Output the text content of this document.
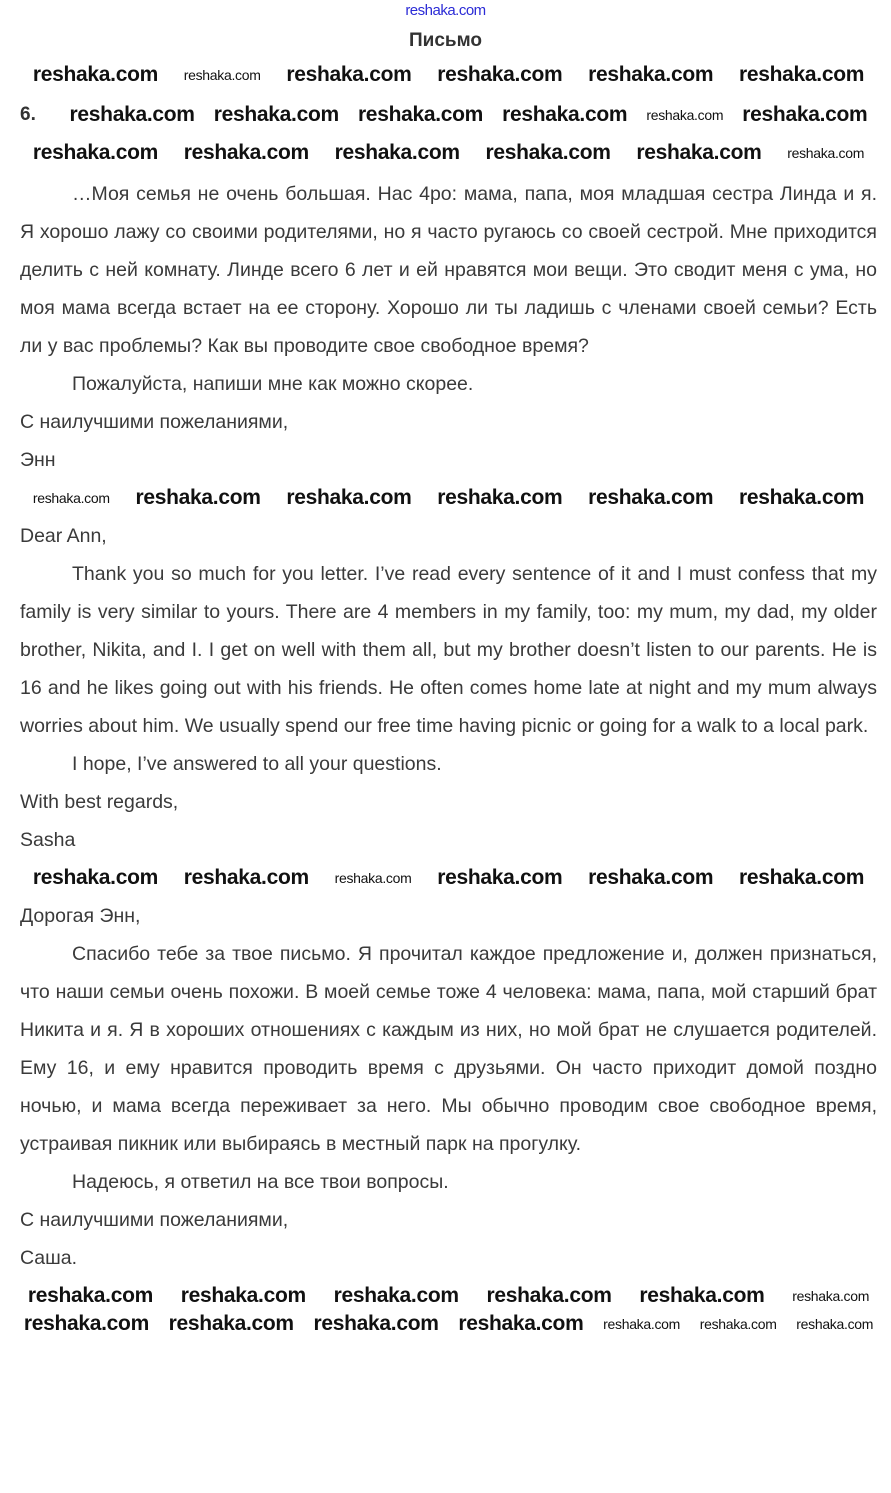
reshaka.com
Письмо
6.
reshaka.com reshaka.com reshaka.com reshaka.com reshaka.com reshaka.com
reshaka.com reshaka.com reshaka.com reshaka.com reshaka.com reshaka.com
reshaka.com reshaka.com reshaka.com reshaka.com reshaka.com reshaka.com

…Моя семья не очень большая. Нас 4ро: мама, папа, моя младшая сестра Линда и я. Я хорошо лажу со своими родителями, но я часто ругаюсь со своей сестрой. Мне приходится делить с ней комнату. Линде всего 6 лет и ей нравятся мои вещи. Это сводит меня с ума, но моя мама всегда встает на ее сторону. Хорошо ли ты ладишь с членами своей семьи? Есть ли у вас проблемы? Как вы проводите свое свободное время?

Пожалуйста, напиши мне как можно скорее.

С наилучшими пожеланиями,

Энн

reshaka.com reshaka.com reshaka.com reshaka.com reshaka.com reshaka.com

Dear Ann,

Thank you so much for you letter. I’ve read every sentence of it and I must confess that my family is very similar to yours. There are 4 members in my family, too: my mum, my dad, my older brother, Nikita, and I. I get on well with them all, but my brother doesn’t listen to our parents. He is 16 and he likes going out with his friends. He often comes home late at night and my mum always worries about him. We usually spend our free time having picnic or going for a walk to a local park.

I hope, I’ve answered to all your questions.

With best regards,

Sasha

reshaka.com reshaka.com reshaka.com reshaka.com reshaka.com reshaka.com

Дорогая Энн,

Спасибо тебе за твое письмо. Я прочитал каждое предложение и, должен признаться, что наши семьи очень похожи. В моей семье тоже 4 человека: мама, папа, мой старший брат Никита и я. Я в хороших отношениях с каждым из них, но мой брат не слушается родителей. Ему 16, и ему нравится проводить время с друзьями. Он часто приходит домой поздно ночью, и мама всегда переживает за него. Мы обычно проводим свое свободное время, устраивая пикник или выбираясь в местный парк на прогулку.

Надеюсь, я ответил на все твои вопросы.

С наилучшими пожеланиями,

Саша.

reshaka.com reshaka.com reshaka.com reshaka.com reshaka.com reshaka.com
reshaka.com reshaka.com reshaka.com reshaka.com reshaka.com reshaka.com reshaka.com
